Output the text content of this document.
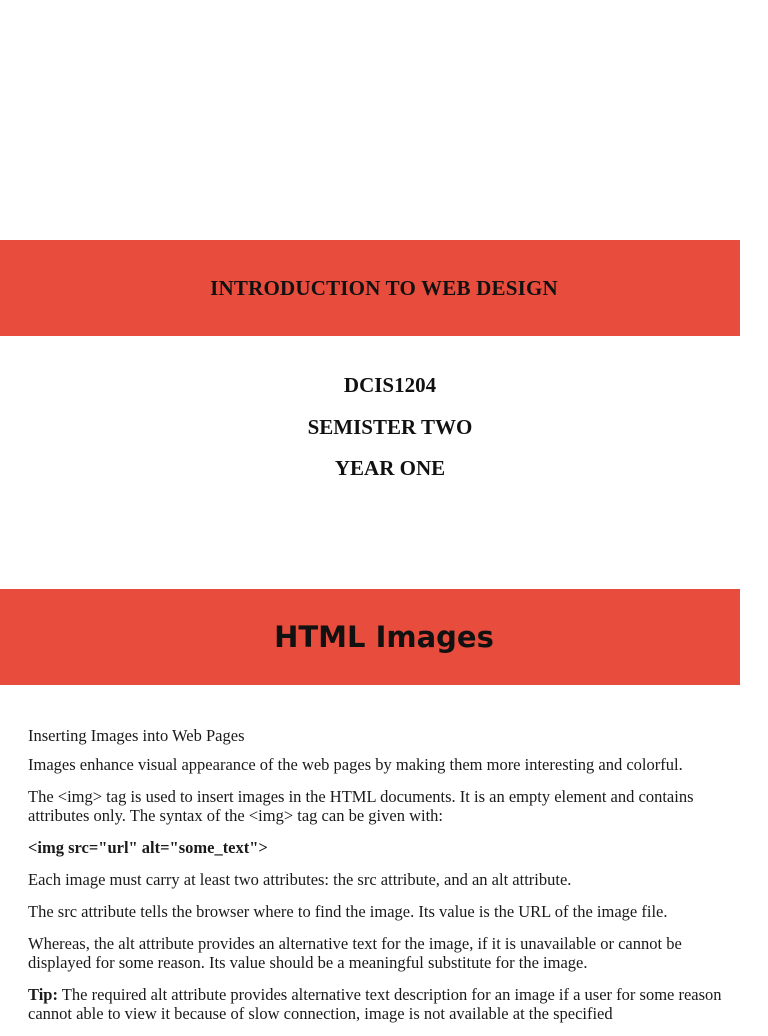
INTRODUCTION TO WEB DESIGN
DCIS1204
SEMISTER TWO
YEAR ONE
HTML Images

Inserting Images into Web Pages

Images enhance visual appearance of the web pages by making them more interesting and colorful.

The <img> tag is used to insert images in the HTML documents. It is an empty element and contains attributes only. The syntax of the <img> tag can be given with:

<img src="url" alt="some_text">

Each image must carry at least two attributes: the src attribute, and an alt attribute.

The src attribute tells the browser where to find the image. Its value is the URL of the image file.

Whereas, the alt attribute provides an alternative text for the image, if it is unavailable or cannot be displayed for some reason. Its value should be a meaningful substitute for the image.

Tip: The required alt attribute provides alternative text description for an image if a user for some reason cannot able to view it because of slow connection, image is not available at the specified
